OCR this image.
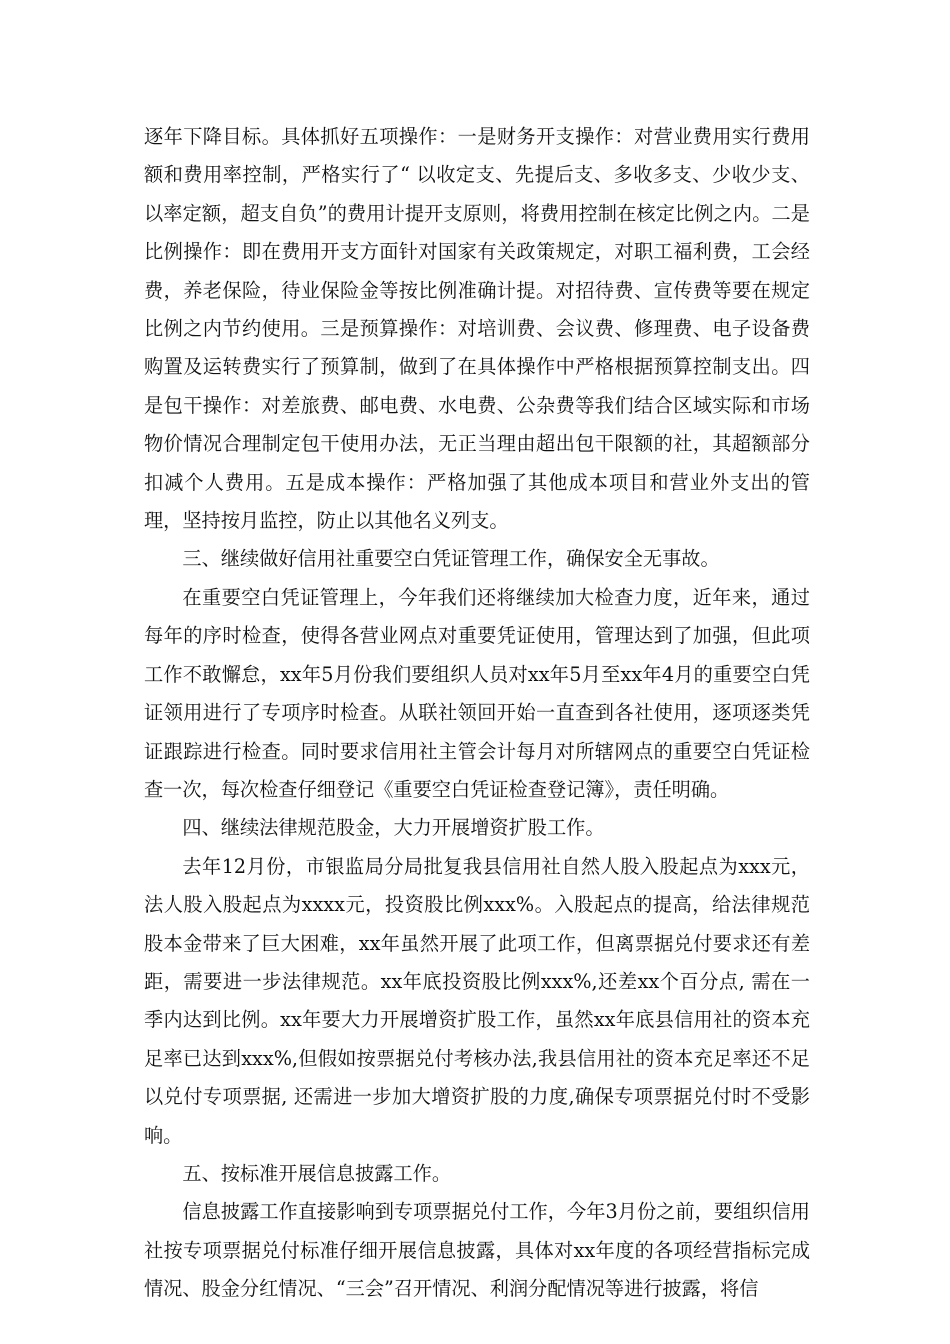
逐年下降目标。具体抓好五项操作：一是财务开支操作：对营业费用实行费用额和费用率控制，严格实行了“ 以收定支、先提后支、多收多支、少收少支、以率定额，超支自负”的费用计提开支原则，将费用控制在核定比例之内。二是比例操作：即在费用开支方面针对国家有关政策规定，对职工福利费，工会经费，养老保险，待业保险金等按比例准确计提。对招待费、宣传费等要在规定比例之内节约使用。三是预算操作：对培训费、会议费、修理费、电子设备费购置及运转费实行了预算制，做到了在具体操作中严格根据预算控制支出。四是包干操作：对差旅费、邮电费、水电费、公杂费等我们结合区域实际和市场物价情况合理制定包干使用办法，无正当理由超出包干限额的社，其超额部分扣减个人费用。五是成本操作：严格加强了其他成本项目和营业外支出的管理，坚持按月监控，防止以其他名义列支。

三、继续做好信用社重要空白凭证管理工作，确保安全无事故。

在重要空白凭证管理上，今年我们还将继续加大检查力度，近年来，通过每年的序时检查，使得各营业网点对重要凭证使用，管理达到了加强，但此项工作不敢懈怠，xx年5月份我们要组织人员对xx年5月至xx年4月的重要空白凭证领用进行了专项序时检查。从联社领回开始一直查到各社使用，逐项逐类凭证跟踪进行检查。同时要求信用社主管会计每月对所辖网点的重要空白凭证检查一次，每次检查仔细登记《重要空白凭证检查登记簿》，责任明确。

四、继续法律规范股金，大力开展增资扩股工作。

去年12月份，市银监局分局批复我县信用社自然人股入股起点为xxx元，法人股入股起点为xxxx元，投资股比例xxx%。入股起点的提高，给法律规范股本金带来了巨大困难，xx年虽然开展了此项工作，但离票据兑付要求还有差距，需要进一步法律规范。xx年底投资股比例xxx%,还差xx个百分点, 需在一季内达到比例。xx年要大力开展增资扩股工作，虽然xx年底县信用社的资本充足率已达到xxx%,但假如按票据兑付考核办法,我县信用社的资本充足率还不足以兑付专项票据, 还需进一步加大增资扩股的力度,确保专项票据兑付时不受影响。

五、按标准开展信息披露工作。

信息披露工作直接影响到专项票据兑付工作，今年3月份之前，要组织信用社按专项票据兑付标准仔细开展信息披露，具体对xx年度的各项经营指标完成情况、股金分红情况、“三会”召开情况、利润分配情况等进行披露，将信
